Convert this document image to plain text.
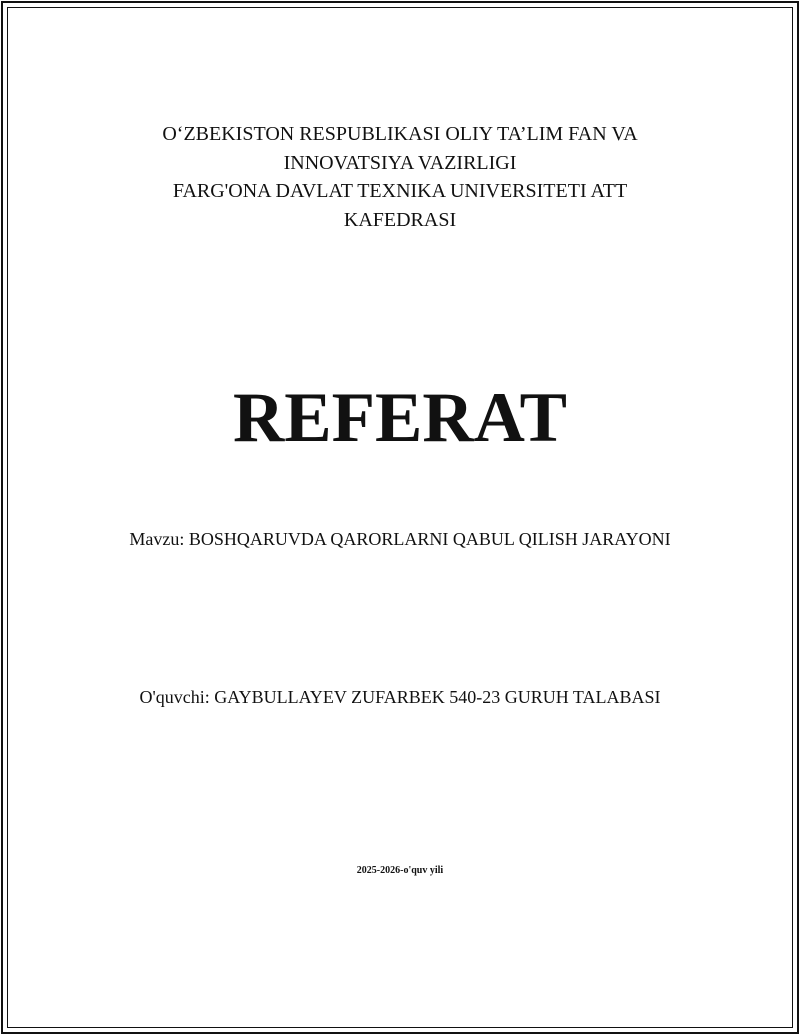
O‘ZBEKISTON RESPUBLIKASI OLIY TA’LIM FAN VA
INNOVATSIYA VAZIRLIGI
FARG'ONA DAVLAT TEXNIKA UNIVERSITETI ATT
KAFEDRASI
REFERAT
Mavzu: BOSHQARUVDA QARORLARNI QABUL QILISH JARAYONI
O'quvchi: GAYBULLAYEV ZUFARBEK 540-23 GURUH TALABASI
2025-2026-o'quv yili
